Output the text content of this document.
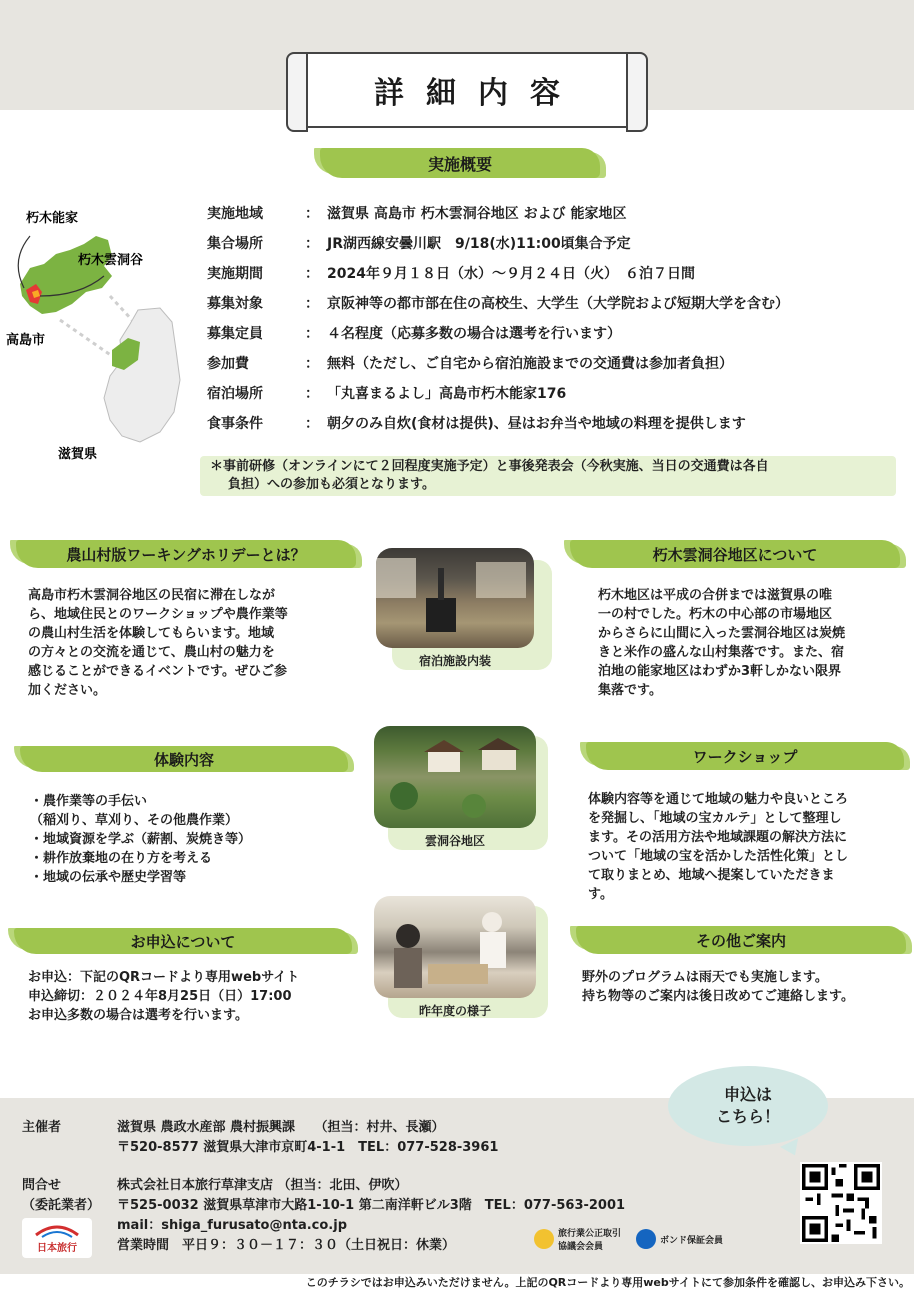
詳細内容
実施概要
実施地域	： 滋賀県 高島市 朽木雲洞谷地区 および 能家地区
集合場所	： JR湖西線安曇川駅　9/18(水)11:00頃集合予定
実施期間	： 2024年９月１８日（水）～９月２４日（火）　６泊７日間
募集対象	： 京阪神等の都市部在住の高校生、大学生（大学院および短期大学を含む）
募集定員	： ４名程度（応募多数の場合は選考を行います）
参加費	： 無料（ただし、ご自宅から宿泊施設までの交通費は参加者負担）
宿泊場所	： 「丸喜まるよし」高島市朽木能家176
食事条件	： 朝夕のみ自炊(食材は提供)、昼はお弁当や地域の料理を提供します
＊事前研修（オンラインにて２回程度実施予定）と事後発表会（今秋実施、当日の交通費は各自
負担）への参加も必須となります。
朽木能家
朽木雲洞谷
高島市
滋賀県
農山村版ワーキングホリデーとは？
高島市朽木雲洞谷地区の民宿に滞在しなが
ら、地域住民とのワークショップや農作業等
の農山村生活を体験してもらいます。地域
の方々との交流を通じて、農山村の魅力を
感じることができるイベントです。ぜひご参
加ください。
朽木雲洞谷地区について
朽木地区は平成の合併までは滋賀県の唯
一の村でした。朽木の中心部の市場地区
からさらに山間に入った雲洞谷地区は炭焼
きと米作の盛んな山村集落です。また、宿
泊地の能家地区はわずか3軒しかない限界
集落です。
宿泊施設内装
雲洞谷地区
昨年度の様子
体験内容
・農作業等の手伝い
（稲刈り、草刈り、その他農作業）
・地域資源を学ぶ（薪割、炭焼き等）
・耕作放棄地の在り方を考える
・地域の伝承や歴史学習等
ワークショップ
体験内容等を通じて地域の魅力や良いところ
を発掘し、「地域の宝カルテ」として整理し
ます。その活用方法や地域課題の解決方法に
ついて「地域の宝を活かした活性化策」とし
て取りまとめ、地域へ提案していただきま
す。
お申込について
お申込：下記のQRコードより専用webサイト
申込締切：２０２４年8月25日（日）17:00
お申込多数の場合は選考を行います。
その他ご案内
野外のプログラムは雨天でも実施します。
持ち物等のご案内は後日改めてご連絡します。
申込は
こちら！
主催者	滋賀県 農政水産部 農村振興課　　（担当：村井、長瀬）
〒520-8577 滋賀県大津市京町4-1-1　TEL：077-528-3961
問合せ	株式会社日本旅行草津支店 （担当：北田、伊吹）
（委託業者）	〒525-0032 滋賀県草津市大路1-10-1 第二南洋軒ビル3階　TEL：077-563-2001
mail：shiga_furusato@nta.co.jp
営業時間　平日９：３０－１７：３０（土日祝日：休業）
日本旅行
旅行業公正取引協議会会員
ボンド保証会員
このチラシではお申込みいただけません。上記のQRコードより専用webサイトにて参加条件を確認し、お申込み下さい。
